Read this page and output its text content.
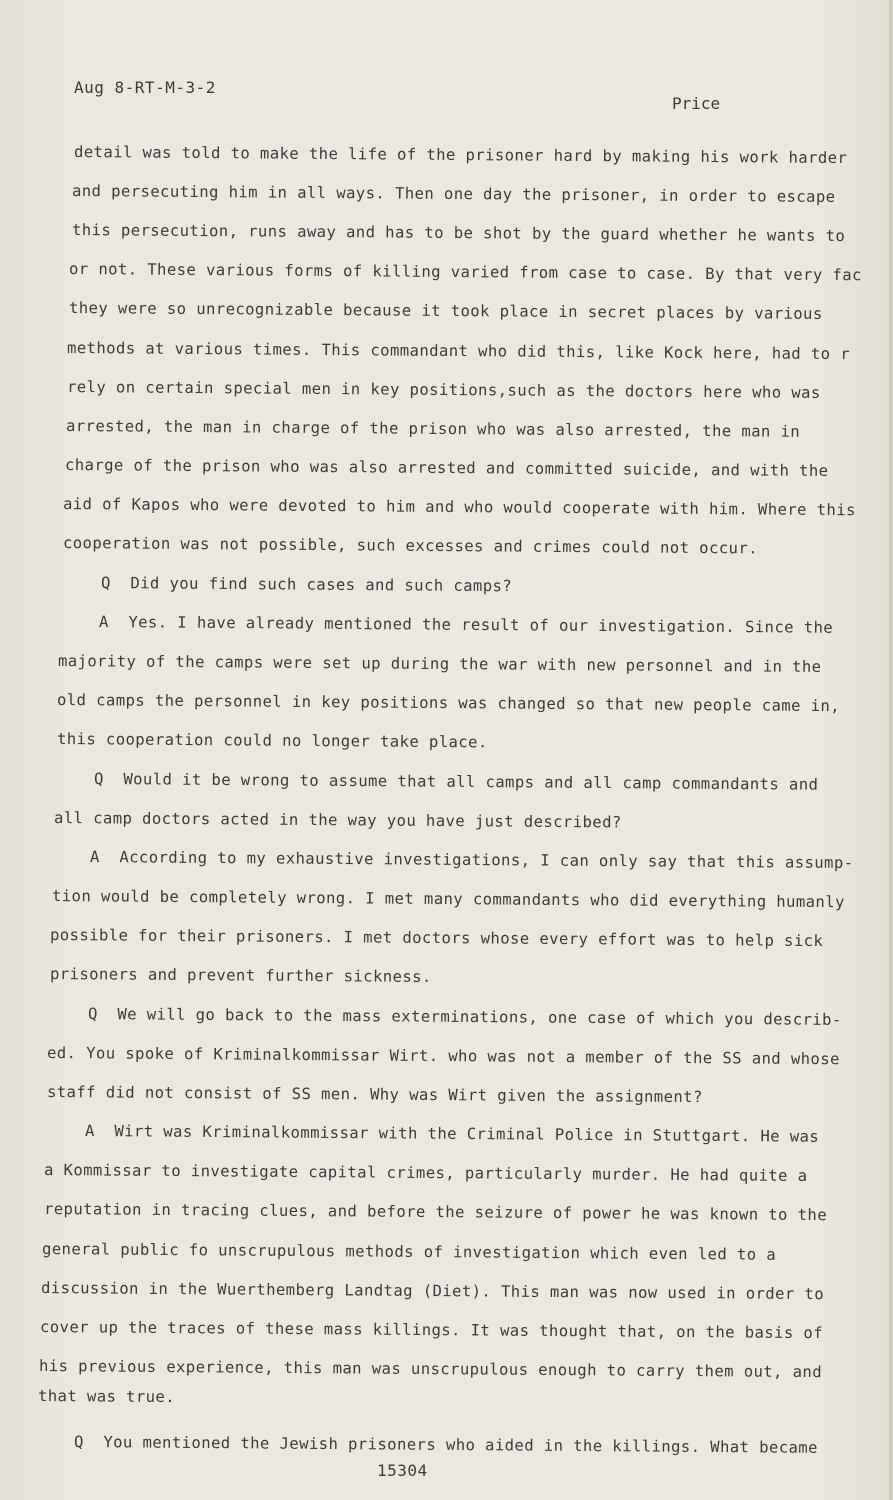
Aug 8-RT-M-3-2
Price
detail was told to make the life of the prisoner hard by making his work harder
and persecuting him in all ways. Then one day the prisoner, in order to escape
this persecution, runs away and has to be shot by the guard whether he wants to
or not. These various forms of killing varied from case to case. By that very fac
they were so unrecognizable because it took place in secret places by various
methods at various times. This commandant who did this, like Kock here, had to r
rely on certain special men in key positions,such as the doctors here who was
arrested, the man in charge of the prison who was also arrested, the man in
charge of the prison who was also arrested and committed suicide, and with the
aid of Kapos who were devoted to him and who would cooperate with him. Where this
cooperation was not possible, such excesses and crimes could not occur.
Q  Did you find such cases and such camps?
A  Yes. I have already mentioned the result of our investigation. Since the
majority of the camps were set up during the war with new personnel and in the
old camps the personnel in key positions was changed so that new people came in,
this cooperation could no longer take place.
Q  Would it be wrong to assume that all camps and all camp commandants and
all camp doctors acted in the way you have just described?
A  According to my exhaustive investigations, I can only say that this assump-
tion would be completely wrong. I met many commandants who did everything humanly
possible for their prisoners. I met doctors whose every effort was to help sick
prisoners and prevent further sickness.
Q  We will go back to the mass exterminations, one case of which you describ-
ed. You spoke of Kriminalkommissar Wirt. who was not a member of the SS and whose
staff did not consist of SS men. Why was Wirt given the assignment?
A  Wirt was Kriminalkommissar with the Criminal Police in Stuttgart. He was
a Kommissar to investigate capital crimes, particularly murder. He had quite a
reputation in tracing clues, and before the seizure of power he was known to the
general public fo unscrupulous methods of investigation which even led to a
discussion in the Wuerthemberg Landtag (Diet). This man was now used in order to
cover up the traces of these mass killings. It was thought that, on the basis of
his previous experience, this man was unscrupulous enough to carry them out, and
that was true.
Q  You mentioned the Jewish prisoners who aided in the killings. What became
15304
